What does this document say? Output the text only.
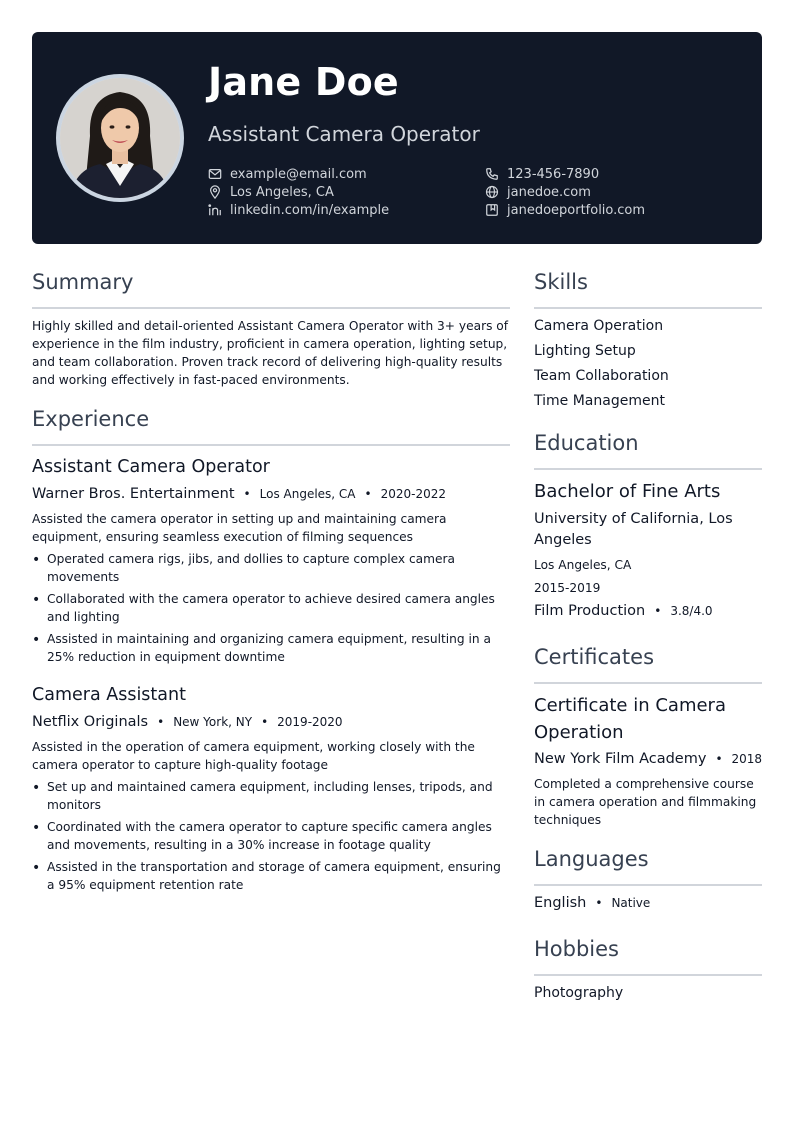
Jane Doe
Assistant Camera Operator
example@email.com
Los Angeles, CA
linkedin.com/in/example
123-456-7890
janedoe.com
janedoeportfolio.com
Summary
Highly skilled and detail-oriented Assistant Camera Operator with 3+ years of experience in the film industry, proficient in camera operation, lighting setup, and team collaboration. Proven track record of delivering high-quality results and working effectively in fast-paced environments.
Experience
Assistant Camera Operator
Warner Bros. Entertainment • Los Angeles, CA • 2020-2022
Assisted the camera operator in setting up and maintaining camera equipment, ensuring seamless execution of filming sequences
• Operated camera rigs, jibs, and dollies to capture complex camera movements
• Collaborated with the camera operator to achieve desired camera angles and lighting
• Assisted in maintaining and organizing camera equipment, resulting in a 25% reduction in equipment downtime
Camera Assistant
Netflix Originals • New York, NY • 2019-2020
Assisted in the operation of camera equipment, working closely with the camera operator to capture high-quality footage
• Set up and maintained camera equipment, including lenses, tripods, and monitors
• Coordinated with the camera operator to capture specific camera angles and movements, resulting in a 30% increase in footage quality
• Assisted in the transportation and storage of camera equipment, ensuring a 95% equipment retention rate
Skills
Camera Operation
Lighting Setup
Team Collaboration
Time Management
Education
Bachelor of Fine Arts
University of California, Los Angeles
Los Angeles, CA
2015-2019
Film Production • 3.8/4.0
Certificates
Certificate in Camera Operation
New York Film Academy • 2018
Completed a comprehensive course in camera operation and filmmaking techniques
Languages
English • Native
Hobbies
Photography
